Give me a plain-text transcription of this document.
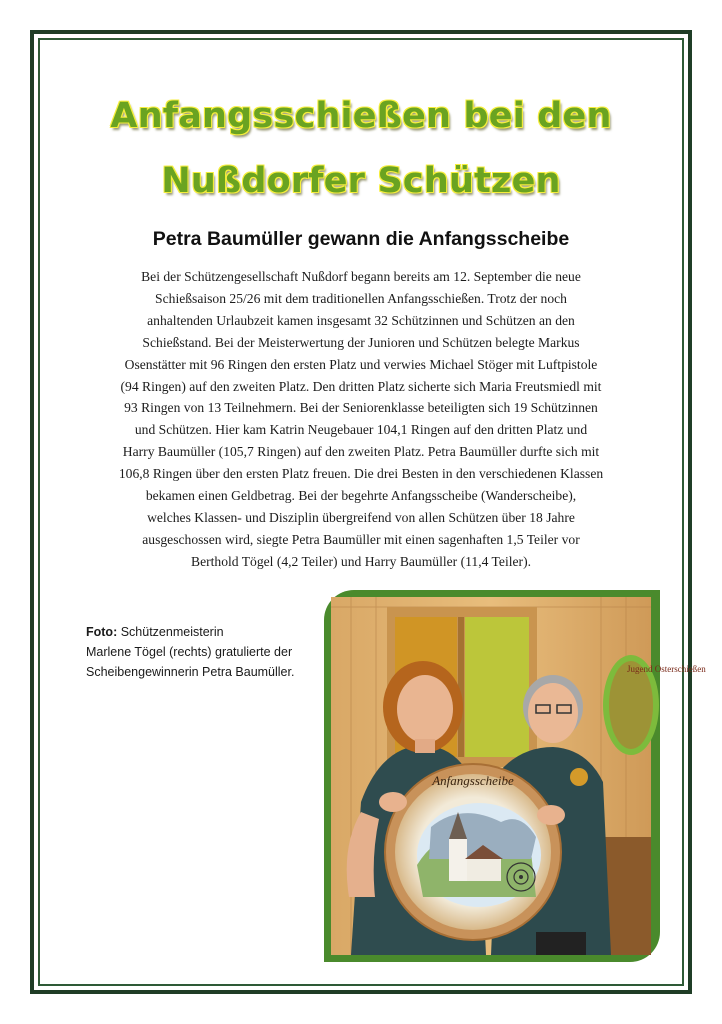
Anfangsschießen bei den
Nußdorfer Schützen
Petra Baumüller gewann die Anfangsscheibe
Bei der Schützengesellschaft Nußdorf begann bereits am 12. September die neue
Schießsaison 25/26 mit dem traditionellen Anfangsschießen. Trotz der noch
anhaltenden Urlaubzeit kamen insgesamt 32 Schützinnen und Schützen an den
Schießstand. Bei der Meisterwertung der Junioren und Schützen belegte Markus
Osenstätter mit 96 Ringen den ersten Platz und verwies Michael Stöger mit Luftpistole
(94 Ringen) auf den zweiten Platz. Den dritten Platz sicherte sich Maria Freutsmiedl mit
93 Ringen von 13 Teilnehmern. Bei der Seniorenklasse beteiligten sich 19 Schützinnen
und Schützen. Hier kam Katrin Neugebauer 104,1 Ringen auf den dritten Platz und
Harry Baumüller (105,7 Ringen) auf den zweiten Platz. Petra Baumüller durfte sich mit
106,8 Ringen über den ersten Platz freuen. Die drei Besten in den verschiedenen Klassen
bekamen einen Geldbetrag. Bei der begehrte Anfangsscheibe (Wanderscheibe),
welches Klassen- und Disziplin übergreifend von allen Schützen über 18 Jahre
ausgeschossen wird, siegte Petra Baumüller mit einen sagenhaften 1,5 Teiler vor
Berthold Tögel (4,2 Teiler) und Harry Baumüller (11,4 Teiler).
Foto: Schützenmeisterin
Marlene Tögel (rechts) gratulierte der
Scheibengewinnerin Petra Baumüller.	Jugend Osterschießen
Anfangsscheibe
